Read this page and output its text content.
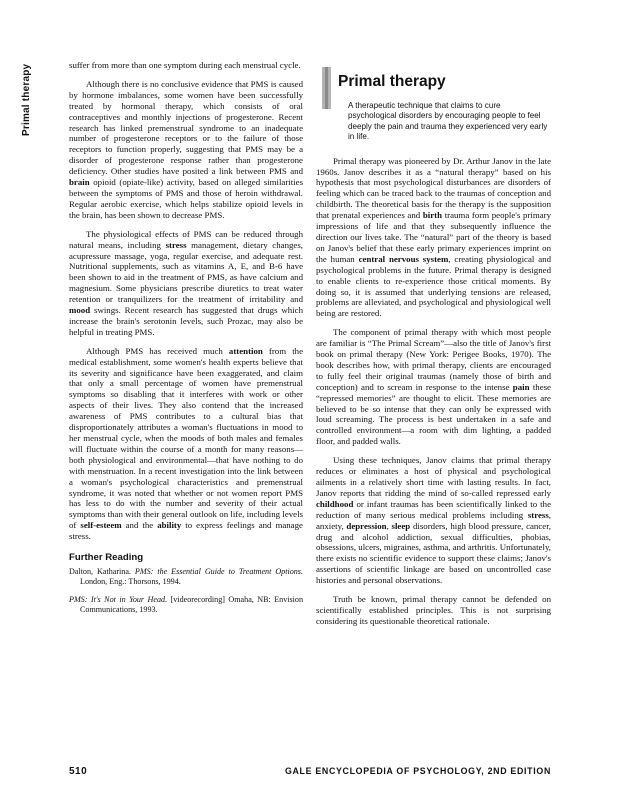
Primal therapy	suffer from more than one symptom during each menstrual cycle.

Although there is no conclusive evidence that PMS is caused by hormone imbalances, some women have been successfully treated by hormonal therapy, which consists of oral contraceptives and monthly injections of progesterone. Recent research has linked premenstrual syndrome to an inadequate number of progesterone receptors or to the failure of those receptors to function properly, suggesting that PMS may be a disorder of progesterone response rather than progesterone deficiency. Other studies have posited a link between PMS and brain opioid (opiate-like) activity, based on alleged similarities between the symptoms of PMS and those of heroin withdrawal. Regular aerobic exercise, which helps stabilize opioid levels in the brain, has been shown to decrease PMS.

The physiological effects of PMS can be reduced through natural means, including stress management, dietary changes, acupressure massage, yoga, regular exercise, and adequate rest. Nutritional supplements, such as vitamins A, E, and B-6 have been shown to aid in the treatment of PMS, as have calcium and magnesium. Some physicians prescribe diuretics to treat water retention or tranquilizers for the treatment of irritability and mood swings. Recent research has suggested that drugs which increase the brain's serotonin levels, such Prozac, may also be helpful in treating PMS.

Although PMS has received much attention from the medical establishment, some women's health experts believe that its severity and significance have been exaggerated, and claim that only a small percentage of women have premenstrual symptoms so disabling that it interferes with work or other aspects of their lives. They also contend that the increased awareness of PMS contributes to a cultural bias that disproportionately attributes a woman's fluctuations in mood to her menstrual cycle, when the moods of both males and females will fluctuate within the course of a month for many reasons—both physiological and environmental—that have nothing to do with menstruation. In a recent investigation into the link between a woman's psychological characteristics and premenstrual syndrome, it was noted that whether or not women report PMS has less to do with the number and severity of their actual symptoms than with their general outlook on life, including levels of self-esteem and the ability to express feelings and manage stress.

Further Reading

Dalton, Katharina. PMS: the Essential Guide to Treatment Options. London, Eng.: Thorsons, 1994.

PMS: It's Not in Your Head. [videorecording] Omaha, NB: Envision Communications, 1993.

Primal therapy
A therapeutic technique that claims to cure psychological disorders by encouraging people to feel deeply the pain and trauma they experienced very early in life.

Primal therapy was pioneered by Dr. Arthur Janov in the late 1960s. Janov describes it as a “natural therapy” based on his hypothesis that most psychological disturbances are disorders of feeling which can be traced back to the traumas of conception and childbirth. The theoretical basis for the therapy is the supposition that prenatal experiences and birth trauma form people's primary impressions of life and that they subsequently influence the direction our lives take. The “natural” part of the theory is based on Janov's belief that these early primary experiences imprint on the human central nervous system, creating physiological and psychological problems in the future. Primal therapy is designed to enable clients to re-experience those critical moments. By doing so, it is assumed that underlying tensions are released, problems are alleviated, and psychological and physiological well being are restored.

The component of primal therapy with which most people are familiar is “The Primal Scream”—also the title of Janov's first book on primal therapy (New York: Perigee Books, 1970). The book describes how, with primal therapy, clients are encouraged to fully feel their original traumas (namely those of birth and conception) and to scream in response to the intense pain these “repressed memories” are thought to elicit. These memories are believed to be so intense that they can only be expressed with loud screaming. The process is best undertaken in a safe and controlled environment—a room with dim lighting, a padded floor, and padded walls.

Using these techniques, Janov claims that primal therapy reduces or eliminates a host of physical and psychological ailments in a relatively short time with lasting results. In fact, Janov reports that ridding the mind of so-called repressed early childhood or infant traumas has been scientifically linked to the reduction of many serious medical problems including stress, anxiety, depression, sleep disorders, high blood pressure, cancer, drug and alcohol addiction, sexual difficulties, phobias, obsessions, ulcers, migraines, asthma, and arthritis. Unfortunately, there exists no scientific evidence to support these claims; Janov's assertions of scientific linkage are based on uncontrolled case histories and personal observations.

Truth be known, primal therapy cannot be defended on scientifically established principles. This is not surprising considering its questionable theoretical rationale.

510	GALE ENCYCLOPEDIA OF PSYCHOLOGY, 2ND EDITION
